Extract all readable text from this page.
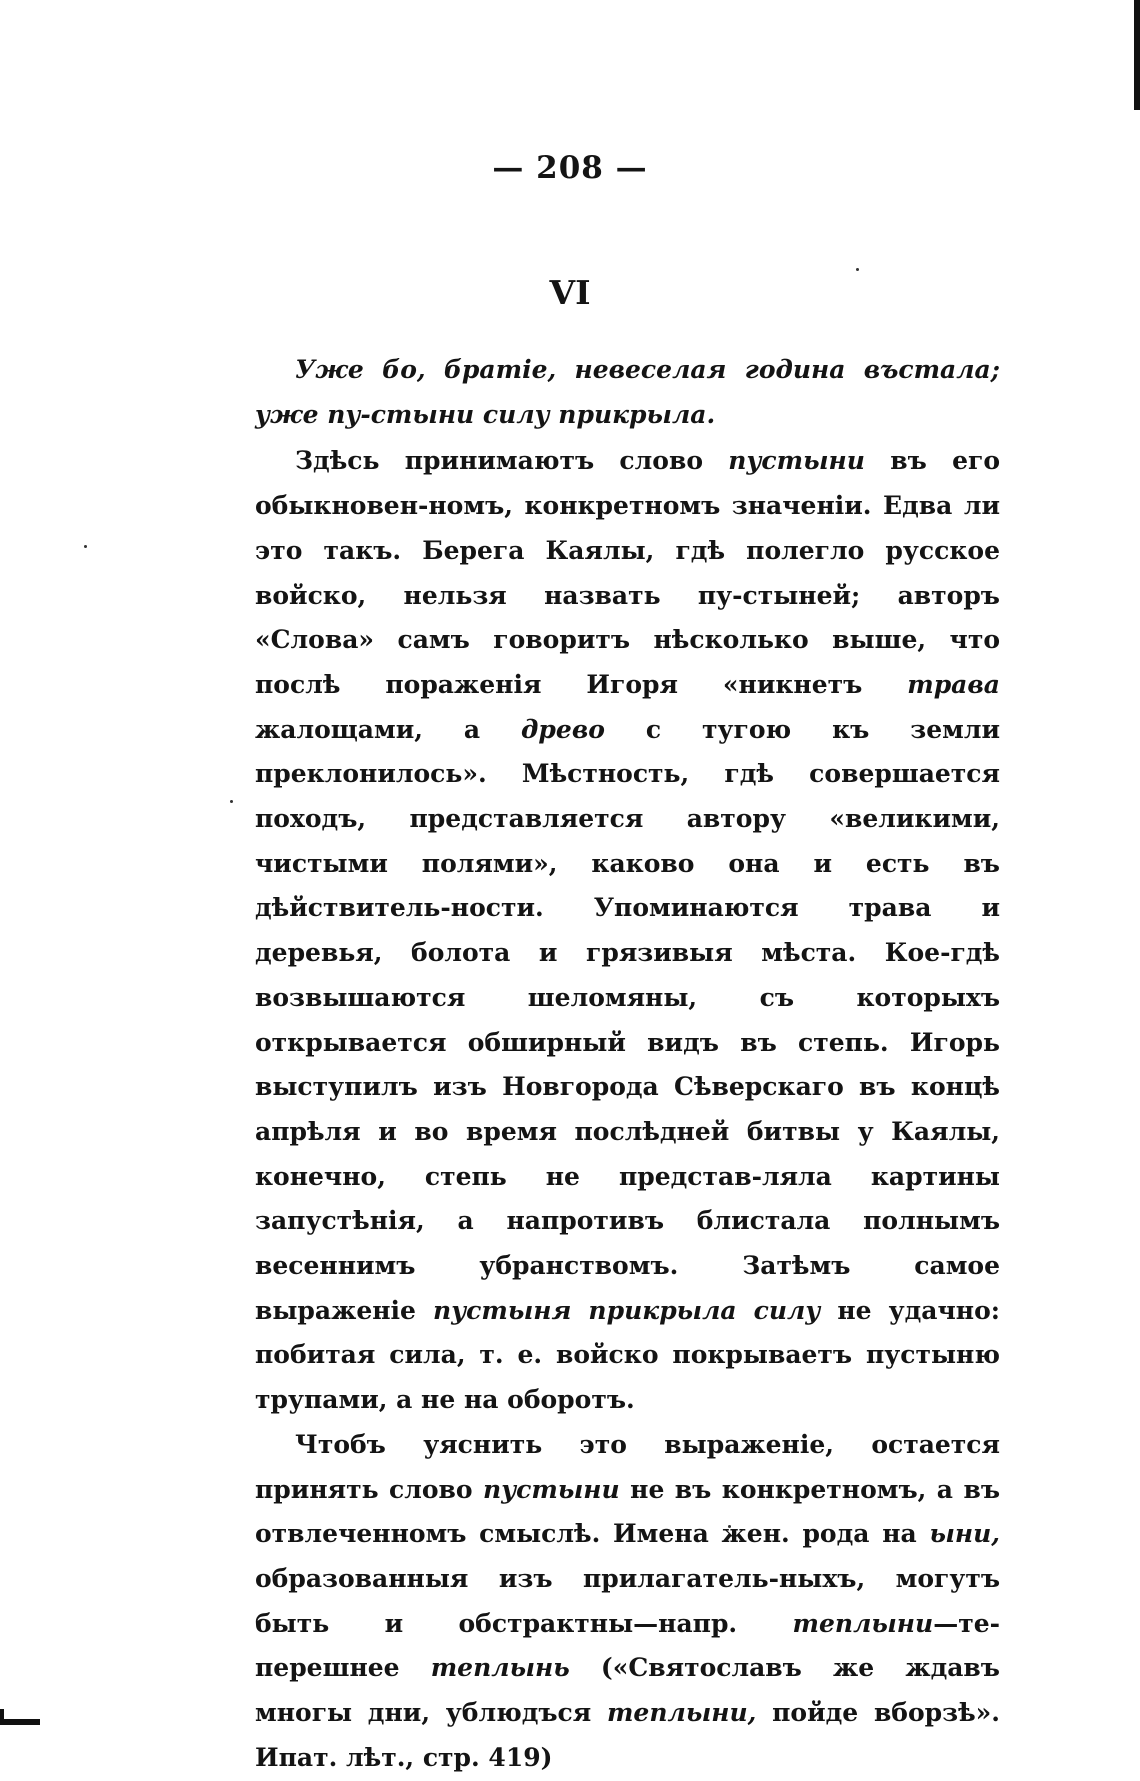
— 208 —
VI

Уже бо, братіе, невеселая година въстала; уже пу-стыни силу прикрыла.

Здѣсь принимаютъ слово пустыни въ его обыкновен-номъ, конкретномъ значеніи. Едва ли это такъ. Берега Каялы, гдѣ полегло русское войско, нельзя назвать пу-стыней; авторъ «Слова» самъ говоритъ нѣсколько выше, что послѣ пораженія Игоря «никнетъ трава жалощами, а древо с тугою къ земли преклонилось». Мѣстность, гдѣ совершается походъ, представляется автору «великими, чистыми полями», каково она и есть въ дѣйствитель-ности. Упоминаются трава и деревья, болота и грязивыя мѣста. Кое-гдѣ возвышаются шеломяны, съ которыхъ открывается обширный видъ въ степь. Игорь выступилъ изъ Новгорода Сѣверскаго въ концѣ апрѣля и во время послѣдней битвы у Каялы, конечно, степь не представ-ляла картины запустѣнія, а напротивъ блистала полнымъ весеннимъ убранствомъ. Затѣмъ самое выраженіе пустыня прикрыла силу не удачно: побитая сила, т. е. войско покрываетъ пустыню трупами, а не на оборотъ.

Чтобъ уяснить это выраженіе, остается принять слово пустыни не въ конкретномъ, а въ отвлеченномъ смыслѣ. Имена жен. рода на ыни, образованныя изъ прилагатель-ныхъ, могутъ быть и обстрактны—напр. теплыни—те-перешнее теплынь («Святославъ же ждавъ многы дни, ублюдъся теплыни, пойде вборзѣ». Ипат. лѣт., стр. 419)
